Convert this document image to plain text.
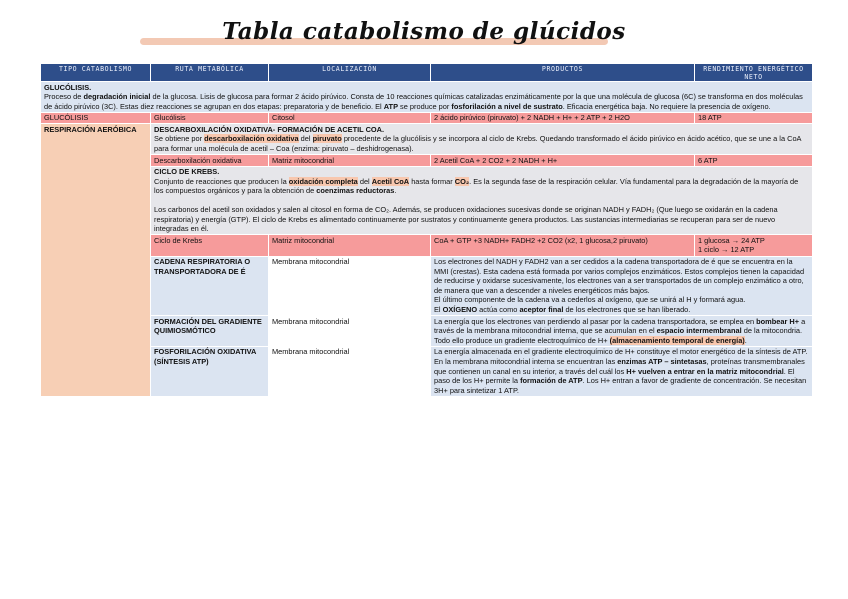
Tabla catabolismo de glúcidos
TIPO CATABOLISMO	RUTA METABÓLICA	LOCALIZACIÓN	PRODUCTOS	RENDIMIENTO ENERGÉTICO NETO

GLUCÓLISIS.
Proceso de degradación inicial de la glucosa. Lisis de glucosa para formar 2 ácido pirúvico. Consta de 10 reacciones químicas catalizadas enzimáticamente por la que una molécula de glucosa (6C) se transforma en dos moléculas de ácido pirúvico (3C). Estas diez reacciones se agrupan en dos etapas: preparatoria y de beneficio. El ATP se produce por fosforilación a nivel de sustrato. Eficacia energética baja. No requiere la presencia de oxígeno.				
GLUCÓLISIS	Glucólisis	Citosol	2 ácido pirúvico (piruvato) + 2 NADH + H+ + 2 ATP + 2 H2O	18 ATP
RESPIRACIÓN AERÓBICA	DESCARBOXILACIÓN OXIDATIVA- FORMACIÓN DE ACETIL COA.
Se obtiene por descarboxilación oxidativa del piruvato procedente de la glucólisis y se incorpora al ciclo de Krebs. Quedando transformado el ácido pirúvico en ácido acético, que se une a la CoA para formar una molécula de acetil – Coa (enzima: piruvato – deshidrogenasa).			
	Descarboxilación oxidativa	Matriz mitocondrial	2 Acetil CoA + 2 CO2 + 2 NADH + H+	6 ATP

	CICLO DE KREBS.
Conjunto de reacciones que producen la oxidación completa del Acetil CoA hasta formar CO₂. Es la segunda fase de la respiración celular. Vía fundamental para la degradación de la mayoría de los compuestos orgánicos y para la obtención de coenzimas reductoras.
Los carbonos del acetil son oxidados y salen al citosol en forma de CO₂. Además, se producen oxidaciones sucesivas donde se originan NADH y FADH₂ (Que luego se oxidarán en la cadena respiratoria) y energía (GTP). El ciclo de Krebs es alimentado continuamente por sustratos y continuamente genera productos. Las sustancias intermediarias se recuperan para ser de nuevo integradas en él.			

	Ciclo de Krebs	Matriz mitocondrial	CoA + GTP +3 NADH+ FADH2 +2 CO2 (x2, 1 glucosa,2 piruvato)	1 glucosa → 24 ATP
1 ciclo → 12 ATP

	CADENA RESPIRATORIA O TRANSPORTADORA DE É	Membrana mitocondrial	Los electrones del NADH y FADH2 van a ser cedidos a la cadena transportadora de é que se encuentra en la MMI (crestas). Esta cadena está formada por varios complejos enzimáticos. Estos complejos tienen la capacidad de reducirse y oxidarse sucesivamente, los electrones van a ser transportados de un complejo enzimático a otro, de manera que van a descender a niveles energéticos más bajos.
El último componente de la cadena va a cederlos al oxígeno, que se unirá al H y formará agua.
El OXÍGENO actúa como aceptor final de los electrones que se han liberado.	
	FORMACIÓN DEL GRADIENTE QUIMIOSMÓTICO	Membrana mitocondrial	La energía que los electrones van perdiendo al pasar por la cadena transportadora, se emplea en bombear H+ a través de la membrana mitocondrial interna, que se acumulan en el espacio intermembranal de la mitocondria. Todo ello produce un gradiente electroquímico de H+ (almacenamiento temporal de energía).	
	FOSFORILACIÓN OXIDATIVA (SÍNTESIS ATP)	Membrana mitocondrial	La energía almacenada en el gradiente electroquímico de H+ constituye el motor energético de la síntesis de ATP. En la membrana mitocondrial interna se encuentran las enzimas ATP – sintetasas, proteínas transmembranales que contienen un canal en su interior, a través del cuál los H+ vuelven a entrar en la matriz mitocondrial. El paso de los H+ permite la formación de ATP. Los H+ entran a favor de gradiente de concentración. Se necesitan 3H+ para sintetizar 1 ATP.	
